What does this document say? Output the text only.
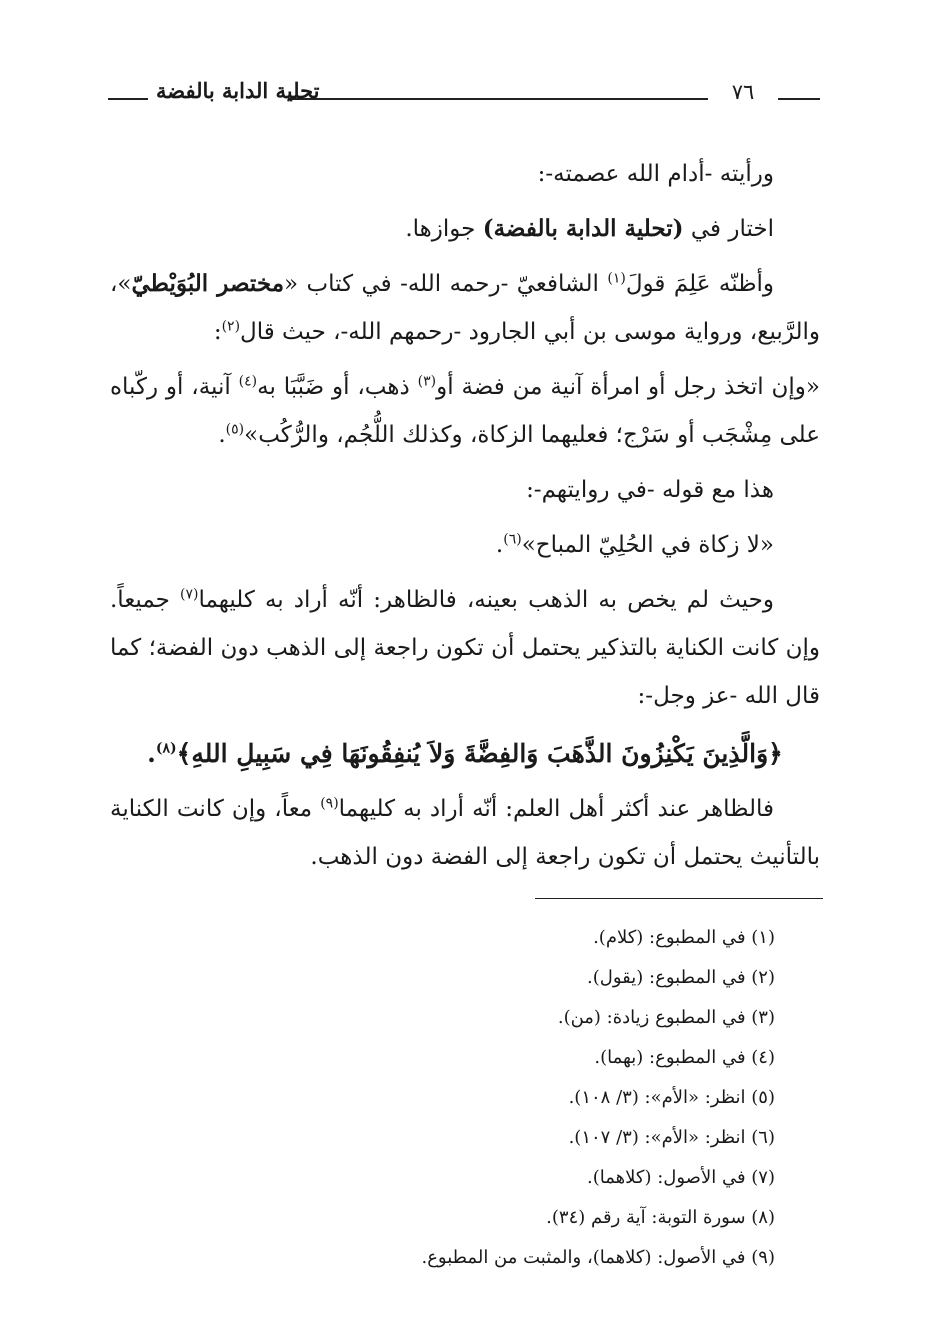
٧٦
تحلية الدابة بالفضة

ورأيته -أدام الله عصمته-:

اختار في (تحلية الدابة بالفضة) جوازها.

وأظنّه عَلِمَ قولَ$^{(١)}$ الشافعيّ -رحمه الله- في كتاب «مختصر البُوَيْطيّ»، والرَّبيع، ورواية موسى بن أبي الجارود -رحمهم الله-، حيث قال$^{(٢)}$:

«وإن اتخذ رجل أو امرأة آنية من فضة أو$^{(٣)}$ ذهب، أو ضَبَّبَا به$^{(٤)}$ آنية، أو ركّباه على مِشْجَب أو سَرْج؛ فعليهما الزكاة، وكذلك اللُّجُم، والرُّكُب»$^{(٥)}$.

هذا مع قوله -في روايتهم-:

«لا زكاة في الحُلِيّ المباح»$^{(٦)}$.

وحيث لم يخص به الذهب بعينه، فالظاهر: أنّه أراد به كليهما$^{(٧)}$ جميعاً. وإن كانت الكناية بالتذكير يحتمل أن تكون راجعة إلى الذهب دون الفضة؛ كما قال الله -عز وجل-:

﴿وَالَّذِينَ يَكْنِزُونَ الذَّهَبَ وَالفِضَّةَ وَلاَ يُنفِقُونَهَا فِي سَبِيلِ اللهِ﴾$^{(٨)}$.

فالظاهر عند أكثر أهل العلم: أنّه أراد به كليهما$^{(٩)}$ معاً، وإن كانت الكناية بالتأنيث يحتمل أن تكون راجعة إلى الفضة دون الذهب.

(١) في المطبوع: (كلام).
(٢) في المطبوع: (يقول).
(٣) في المطبوع زيادة: (من).
(٤) في المطبوع: (بهما).
(٥) انظر: «الأم»: (٣/ ١٠٨).
(٦) انظر: «الأم»: (٣/ ١٠٧).
(٧) في الأصول: (كلاهما).
(٨) سورة التوبة: آية رقم (٣٤).
(٩) في الأصول: (كلاهما)، والمثبت من المطبوع.
